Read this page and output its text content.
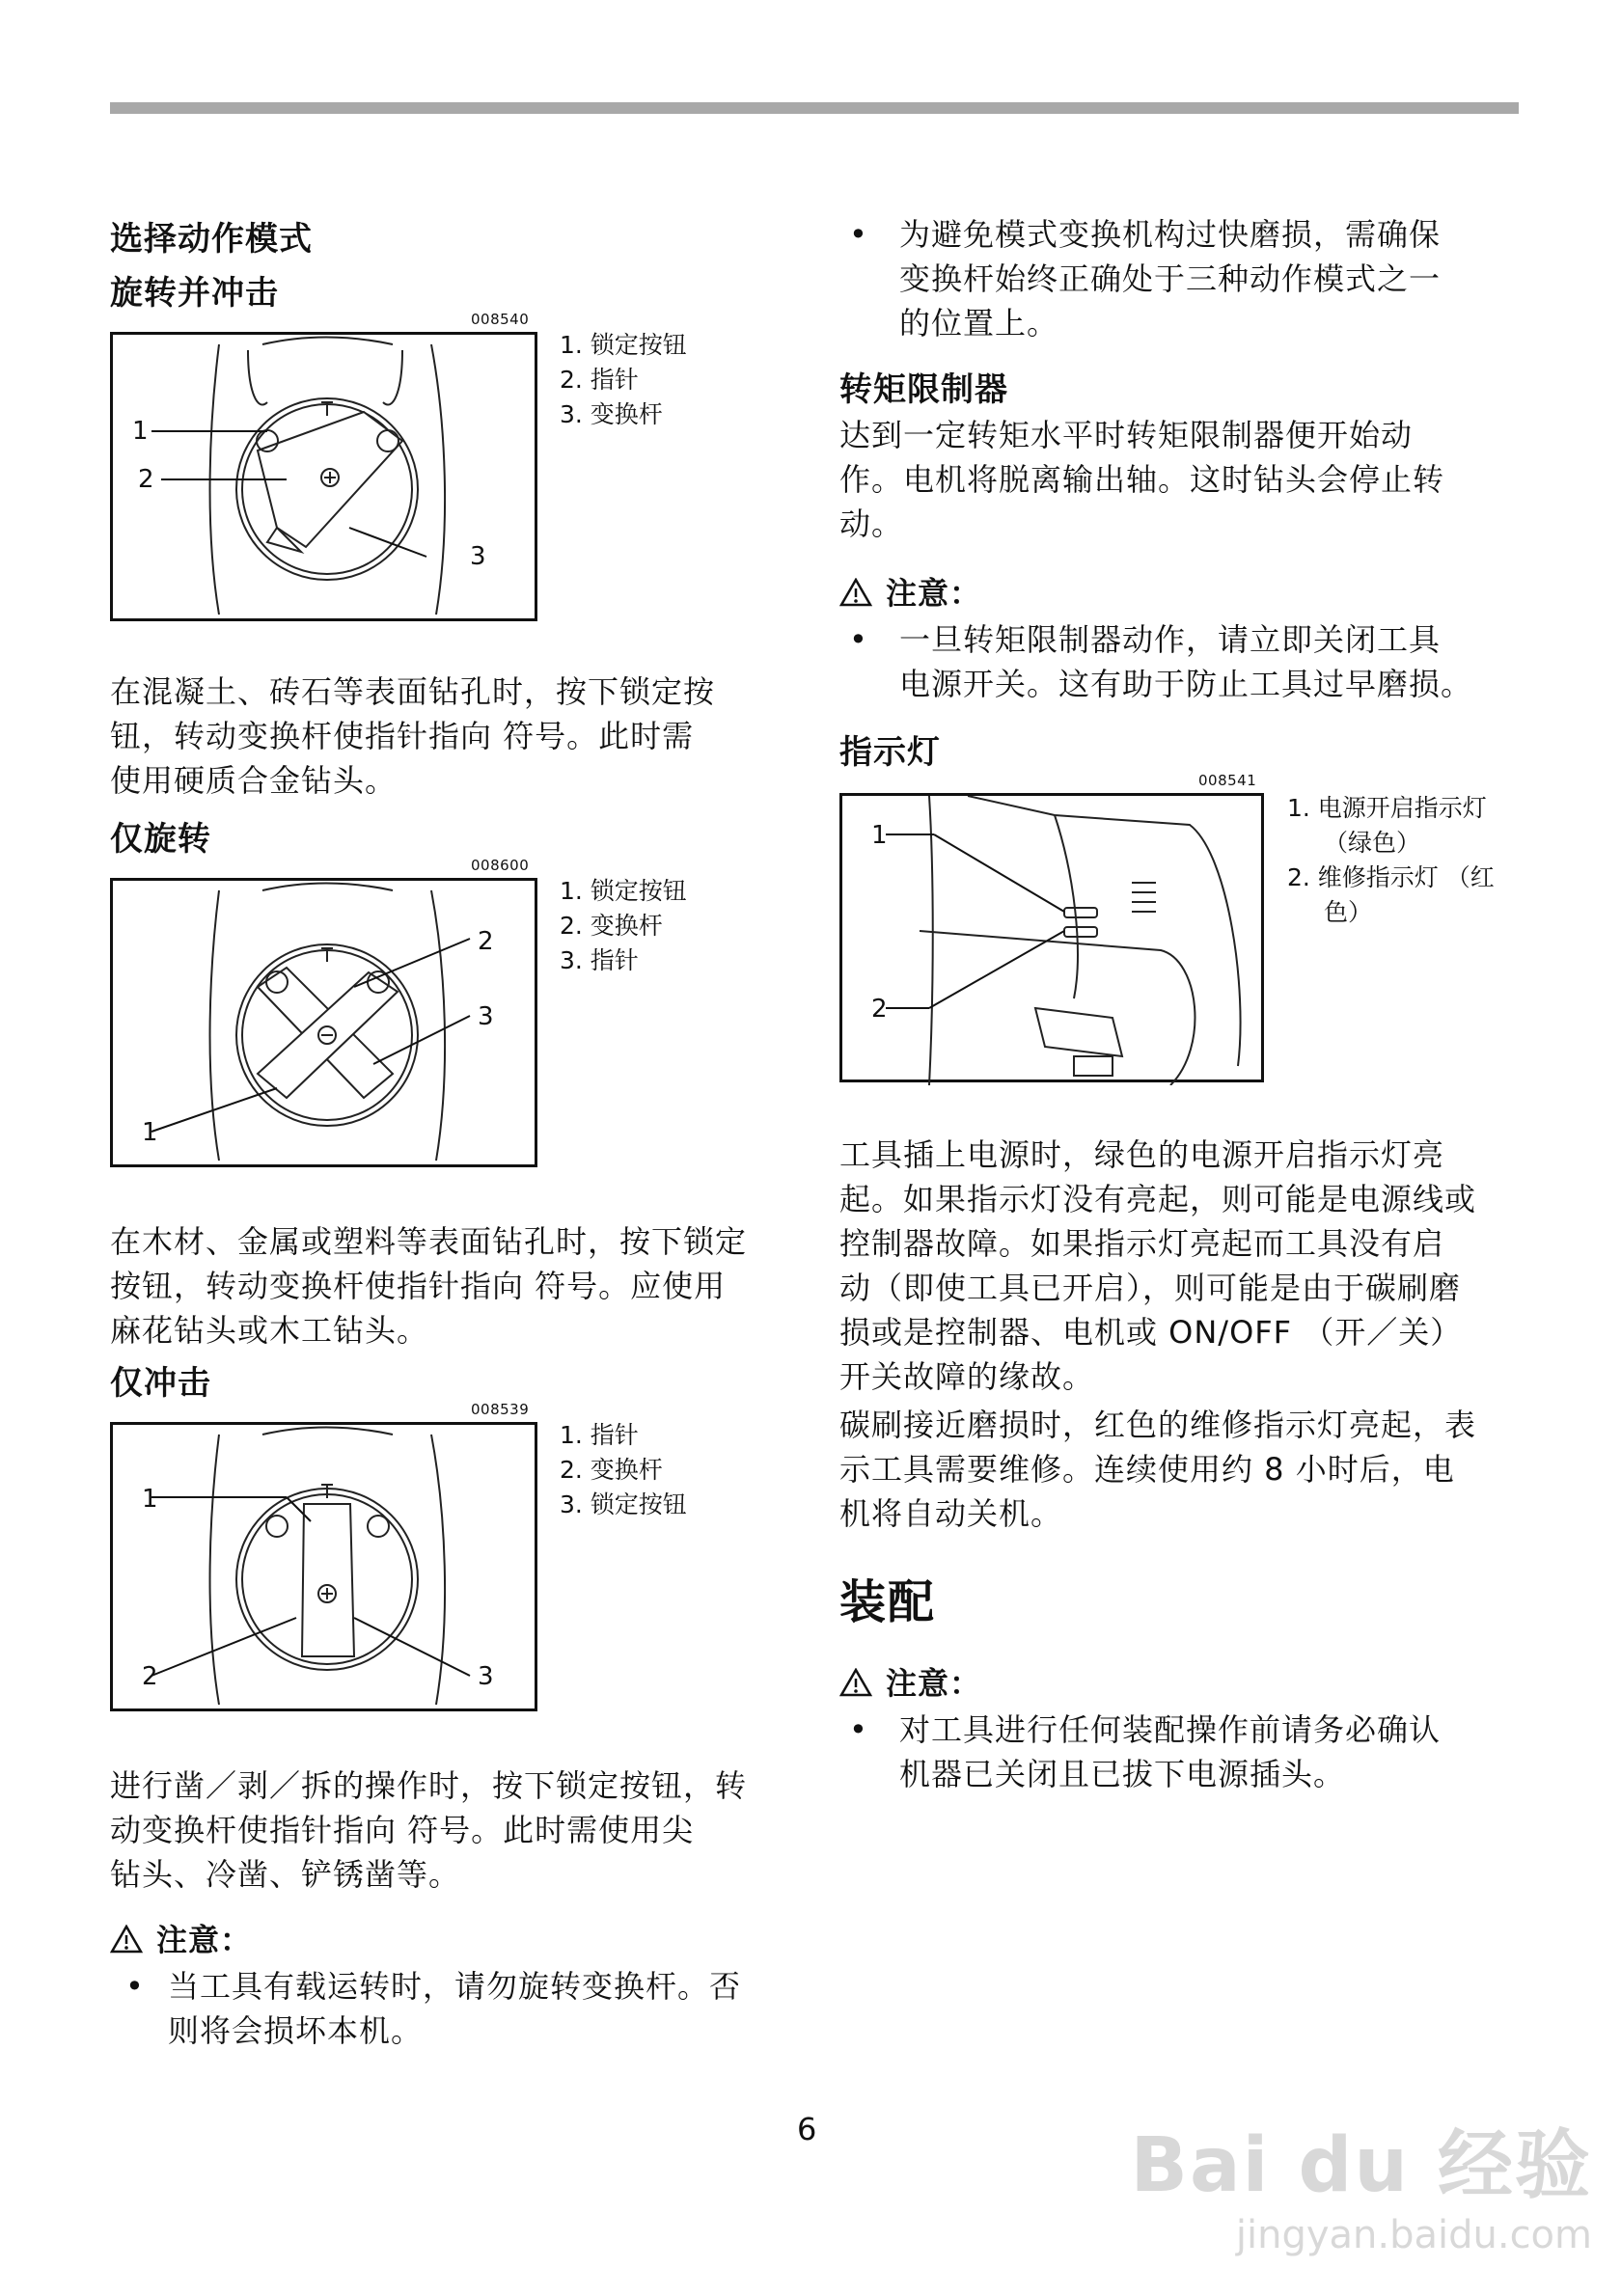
选择动作模式
旋转并冲击
008540
1
2
3
1. 锁定按钮
2. 指针
3. 变换杆
在混凝土、砖石等表面钻孔时，按下锁定按
钮，转动变换杆使指针指向 符号。此时需
使用硬质合金钻头。
仅旋转
008600
2
3
1
1. 锁定按钮
2. 变换杆
3. 指针
在木材、金属或塑料等表面钻孔时，按下锁定
按钮，转动变换杆使指针指向 符号。应使用
麻花钻头或木工钻头。
仅冲击
008539
1
2	3
1. 指针
2. 变换杆
3. 锁定按钮
进行凿／剥／拆的操作时，按下锁定按钮，转
动变换杆使指针指向 符号。此时需使用尖
钻头、冷凿、铲锈凿等。
注意：
• 当工具有载运转时，请勿旋转变换杆。否
则将会损坏本机。
• 为避免模式变换机构过快磨损，需确保
变换杆始终正确处于三种动作模式之一
的位置上。
转矩限制器
达到一定转矩水平时转矩限制器便开始动
作。电机将脱离输出轴。这时钻头会停止转
动。
注意：
• 一旦转矩限制器动作，请立即关闭工具
电源开关。这有助于防止工具过早磨损。
指示灯
008541
1
2
1. 电源开启指示灯
（绿色）
2. 维修指示灯 （红
色）
工具插上电源时，绿色的电源开启指示灯亮
起。如果指示灯没有亮起，则可能是电源线或
控制器故障。如果指示灯亮起而工具没有启
动（即使工具已开启），则可能是由于碳刷磨
损或是控制器、电机或 ON/OFF （开／关）
开关故障的缘故。
碳刷接近磨损时，红色的维修指示灯亮起，表
示工具需要维修。连续使用约 8 小时后，电
机将自动关机。
装配
注意：
• 对工具进行任何装配操作前请务必确认
机器已关闭且已拔下电源插头。
6	Bai du 经验
jingyan.baidu.com
